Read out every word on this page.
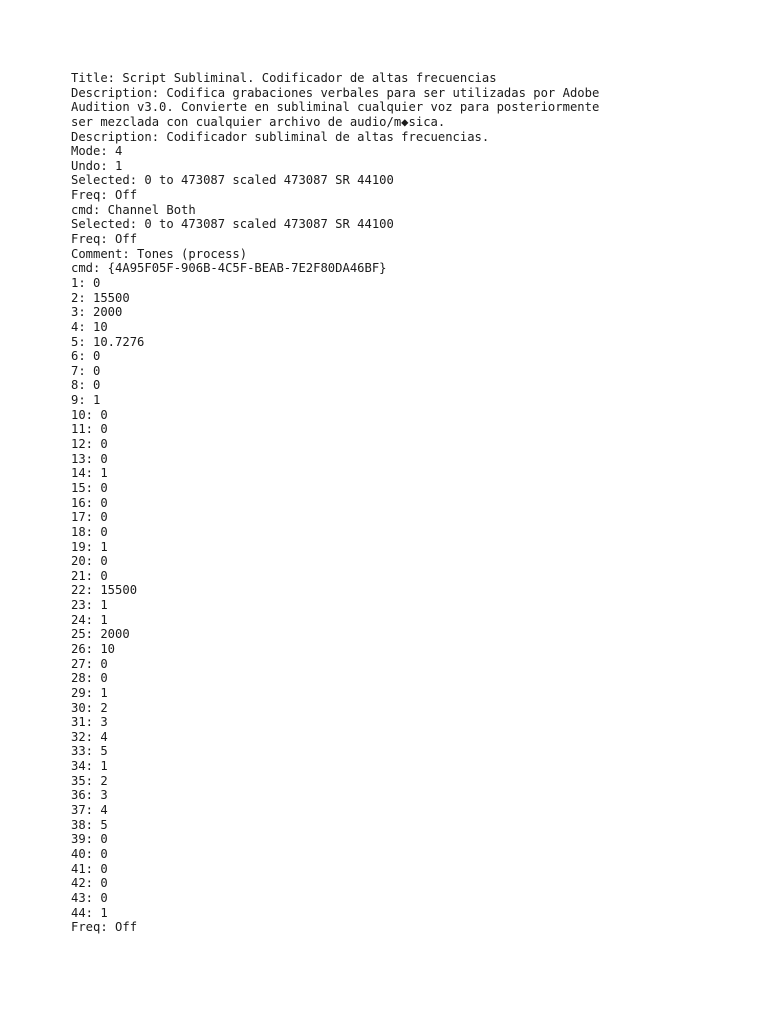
Title: Script Subliminal. Codificador de altas frecuencias
Description: Codifica grabaciones verbales para ser utilizadas por Adobe
Audition v3.0. Convierte en subliminal cualquier voz para posteriormente
ser mezclada con cualquier archivo de audio/m◆sica.
Description: Codificador subliminal de altas frecuencias.
Mode: 4
Undo: 1
Selected: 0 to 473087 scaled 473087 SR 44100
Freq: Off
cmd: Channel Both
Selected: 0 to 473087 scaled 473087 SR 44100
Freq: Off
Comment: Tones (process)
cmd: {4A95F05F-906B-4C5F-BEAB-7E2F80DA46BF}
1: 0
2: 15500
3: 2000
4: 10
5: 10.7276
6: 0
7: 0
8: 0
9: 1
10: 0
11: 0
12: 0
13: 0
14: 1
15: 0
16: 0
17: 0
18: 0
19: 1
20: 0
21: 0
22: 15500
23: 1
24: 1
25: 2000
26: 10
27: 0
28: 0
29: 1
30: 2
31: 3
32: 4
33: 5
34: 1
35: 2
36: 3
37: 4
38: 5
39: 0
40: 0
41: 0
42: 0
43: 0
44: 1
Freq: Off
